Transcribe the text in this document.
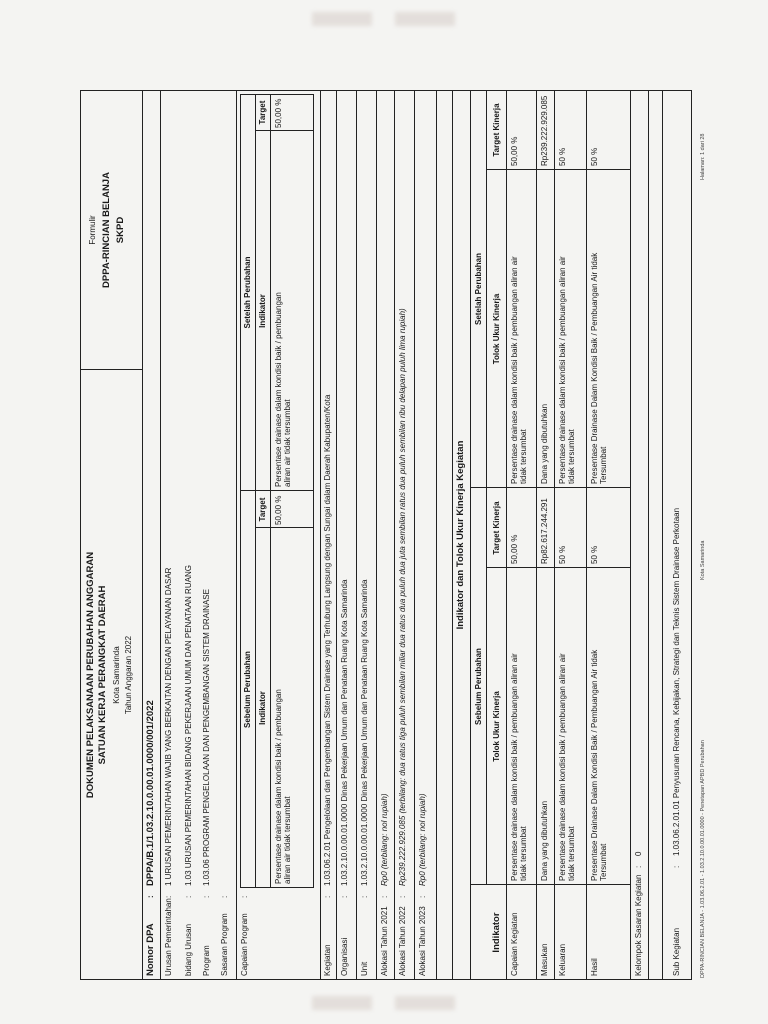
DOKUMEN PELAKSANAAN PERUBAHAN ANGGARAN SATUAN KERJA PERANGKAT DAERAH Kota Samarinda Tahun Anggaran 2022
Formulir DPPA-RINCIAN BELANJA SKPD
Nomor DPA
:
DPPA/B.1/1.03.2.10.0.00.01.0000/001/2022
Urusan Pemerintahan
:
1 URUSAN PEMERINTAHAN WAJIB YANG BERKAITAN DENGAN PELAYANAN DASAR
bidang Urusan
:
1.03 URUSAN PEMERINTAHAN BIDANG PEKERJAAN UMUM DAN PENATAAN RUANG
Program
:
1.03.06 PROGRAM PENGELOLAAN DAN PENGEMBANGAN SISTEM DRAINASE
Sasaran Program
:
Capaian Program
:
Sebelum Perubahan
Setelah Perubahan
Indikator
Target
Indikator
Target
Persentase drainase dalam kondisi baik / pembuangan aliran air tidak tersumbat
50,00 %
Persentase drainase dalam kondisi baik / pembuangan aliran air tidak tersumbat
50,00 %
Kegiatan
:
1.03.06.2.01 Pengelolaan dan Pengembangan Sistem Drainase yang Terhubung Langsung dengan Sungai dalam Daerah Kabupaten/Kota
Organisasi
:
1.03.2.10.0.00.01.0000 Dinas Pekerjaan Umum dan Penataan Ruang Kota Samarinda
Unit
:
1.03.2.10.0.00.01.0000 Dinas Pekerjaan Umum dan Penataan Ruang Kota Samarinda
Alokasi Tahun 2021
:
Rp0 (terbilang: nol rupiah)
Alokasi Tahun 2022
:
Rp239.222.929.085 (terbilang: dua ratus tiga puluh sembilan miliar dua ratus dua puluh dua juta sembilan ratus dua puluh sembilan ribu delapan puluh lima rupiah)
Alokasi Tahun 2023
:
Rp0 (terbilang: nol rupiah)
Indikator dan Tolok Ukur Kinerja Kegiatan
Indikator
Sebelum Perubahan
Setelah Perubahan
Tolok Ukur Kinerja
Target Kinerja
Tolok Ukur Kinerja
Target Kinerja
Capaian Kegiatan
Persentase drainase dalam kondisi baik / pembuangan aliran air tidak tersumbat
50,00 %
Persentase drainase dalam kondisi baik / pembuangan aliran air tidak tersumbat
50,00 %
Masukan
Dana yang dibutuhkan
Rp82.617.244.291
Dana yang dibutuhkan
Rp239.222.929.085
Keluaran
Persentase drainase dalam kondisi baik / pembuangan aliran air tidak tersumbat
50 %
Persentase drainase dalam kondisi baik / pembuangan aliran air tidak tersumbat
50 %
Hasil
Presentase Drainase Dalam Kondisi Baik / Pembuangan Air tidak Tersumbat
50 %
Presentase Drainase Dalam Kondisi Baik / Pembuangan Air tidak Tersumbat
50 %
Kelompok Sasaran Kegiatan
:
0
Sub Kegiatan
:
1.03.06.2.01.01 Penyusunan Rencana, Kebijakan, Strategi dan Teknis Sistem Drainase Perkotaan
DPPA-RINCIAN BELANJA - 1.03.06.2.01 - 1.03.2.10.0.00.01.0000 - Penetapan APBD Perubahan
Kota Samarinda
Halaman: 1 dari 28
